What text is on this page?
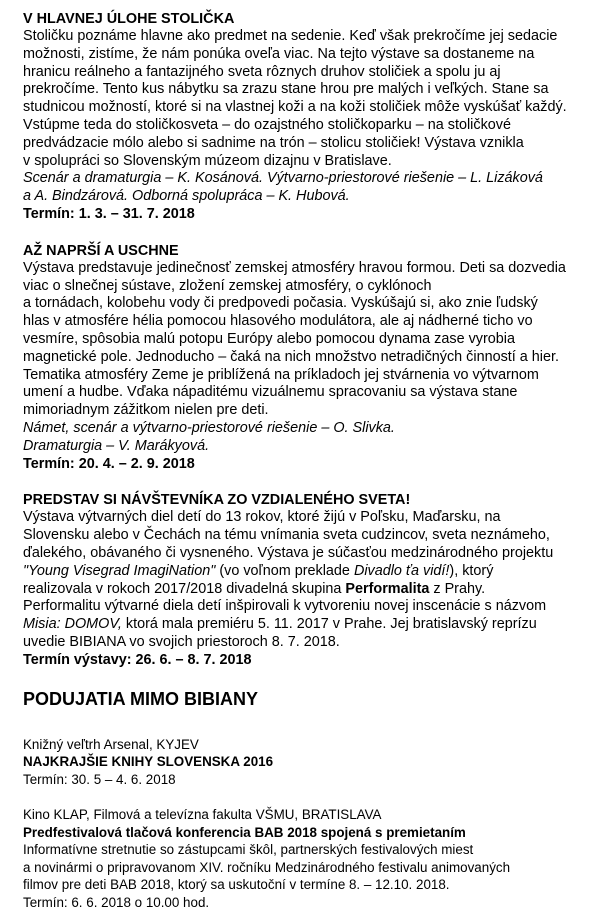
V HLAVNEJ ÚLOHE STOLIČKA

Stoličku poznáme hlavne ako predmet na sedenie. Keď však prekročíme jej sedacie

možnosti, zistíme, že nám ponúka oveľa viac. Na tejto výstave sa dostaneme na

hranicu reálneho a fantazijného sveta rôznych druhov stoličiek a spolu ju aj

prekročíme. Tento kus nábytku sa zrazu stane hrou pre malých i veľkých. Stane sa

studnicou možností, ktoré si na vlastnej koži a na koži stoličiek môže vyskúšať každý.

Vstúpme teda do stoličkosveta – do ozajstného stoličkoparku – na stoličkové

predvádzacie mólo alebo si sadnime na trón – stolicu stoličiek! Výstava vznikla

v spolupráci so Slovenským múzeom dizajnu v Bratislave.

Scenár a dramaturgia – K. Kosánová. Výtvarno-priestorové riešenie – L. Lizáková

a A. Bindzárová. Odborná spolupráca – K. Hubová.

Termín: 1. 3. – 31. 7. 2018

AŽ NAPRŠÍ A USCHNE

Výstava predstavuje jedinečnosť zemskej atmosféry hravou formou. Deti sa dozvedia

viac o slnečnej sústave, zložení zemskej atmosféry, o cyklónoch

a tornádach, kolobehu vody či predpovedi počasia. Vyskúšajú si, ako znie ľudský

hlas v atmosfére hélia pomocou hlasového modulátora, ale aj nádherné ticho vo

vesmíre, spôsobia malú potopu Európy alebo pomocou dynama zase vyrobia

magnetické pole. Jednoducho – čaká na nich množstvo netradičných činností a hier.

Tematika atmosféry Zeme je priblížená na príkladoch jej stvárnenia vo výtvarnom

umení a hudbe. Vďaka nápaditému vizuálnemu spracovaniu sa výstava stane

mimoriadnym zážitkom nielen pre deti.

Námet, scenár a výtvarno-priestorové riešenie – O. Slivka.

Dramaturgia – V. Marákyová.

Termín: 20. 4. – 2. 9. 2018

PREDSTAV SI NÁVŠTEVNÍKA ZO VZDIALENÉHO SVETA!

Výstava výtvarných diel detí do 13 rokov, ktoré žijú v Poľsku, Maďarsku, na

Slovensku alebo v Čechách na tému vnímania sveta cudzincov, sveta neznámeho,

ďalekého, obávaného či vysneného. Výstava je súčasťou medzinárodného projektu

"Young Visegrad ImagiNation" (vo voľnom preklade Divadlo ťa vidí!), ktorý

realizovala v rokoch 2017/2018 divadelná skupina Performalita z Prahy.

Performalitu výtvarné diela detí inšpirovali k vytvoreniu novej inscenácie s názvom

Misia: DOMOV, ktorá mala premiéru 5. 11. 2017 v Prahe. Jej bratislavský reprízu

uvedie BIBIANA vo svojich priestoroch 8. 7. 2018.

Termín výstavy: 26. 6. – 8. 7. 2018

PODUJATIA MIMO BIBIANY

Knižný veľtrh Arsenal, KYJEV

NAJKRAJŠIE KNIHY SLOVENSKA 2016

Termín: 30. 5 – 4. 6. 2018

Kino KLAP, Filmová a televízna fakulta VŠMU, BRATISLAVA

Predfestivalová tlačová konferencia BAB 2018 spojená s premietaním

Informatívne stretnutie so zástupcami škôl, partnerských festivalových miest

a novinármi o pripravovanom XIV. ročníku Medzinárodného festivalu animovaných

filmov pre deti BAB 2018, ktorý sa uskutoční v termíne 8. – 12.10. 2018.

Termín: 6. 6. 2018 o 10.00 hod.
